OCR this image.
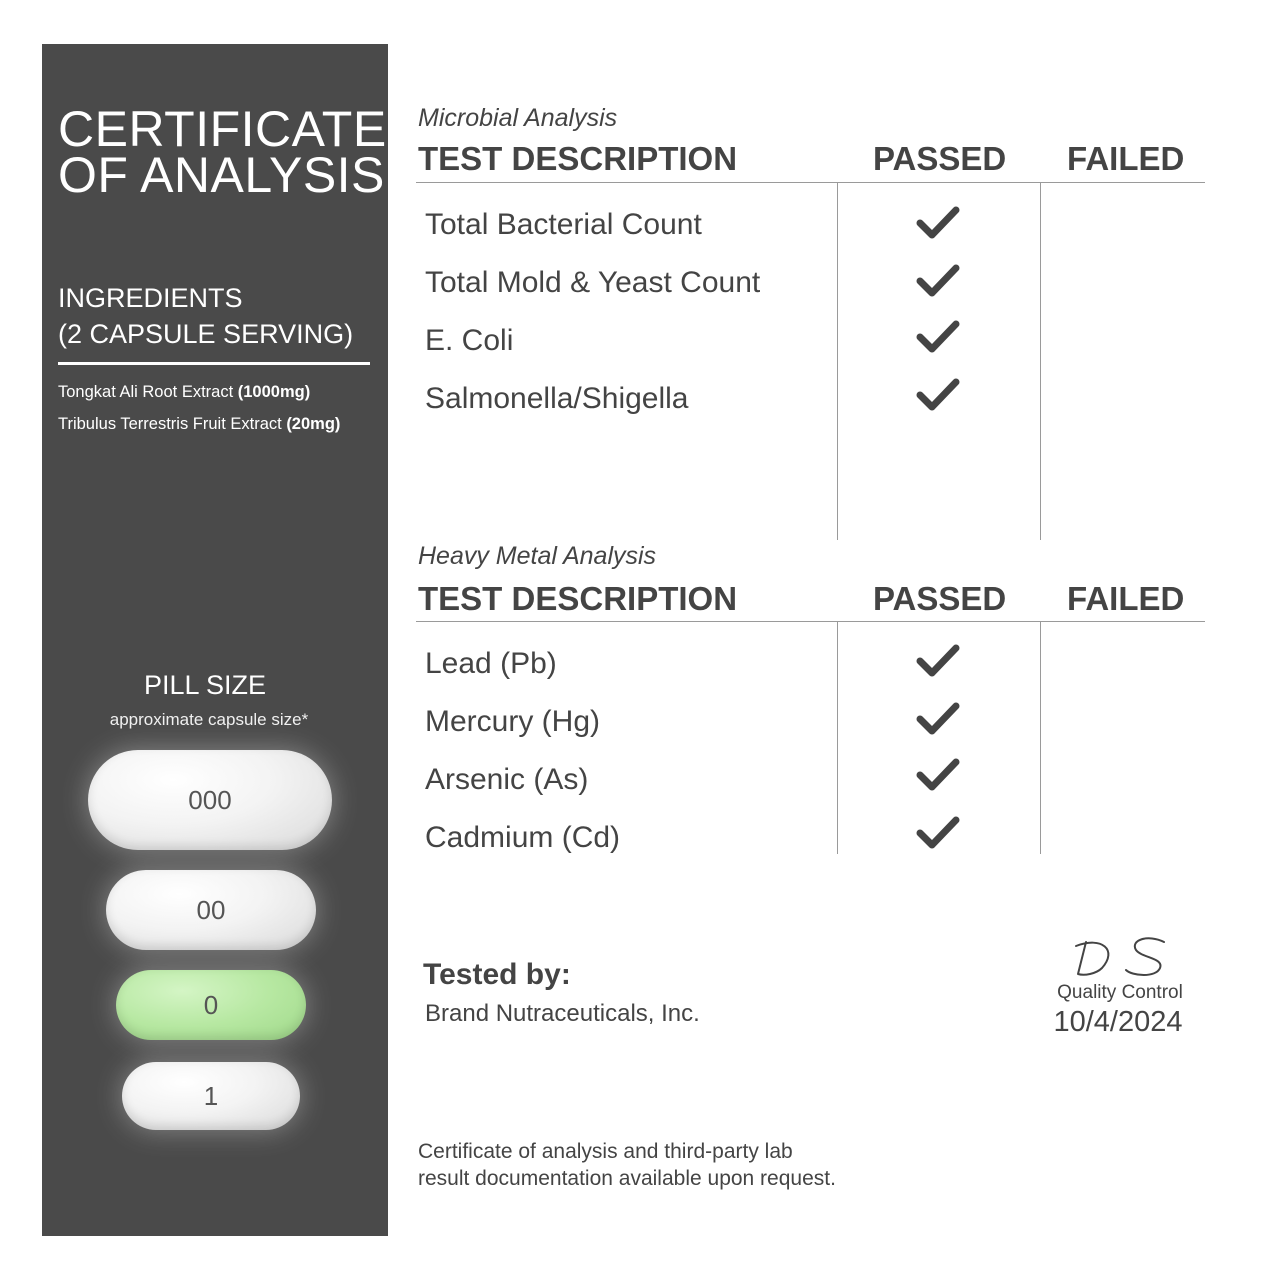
CERTIFICATE
OF ANALYSIS
INGREDIENTS
(2 CAPSULE SERVING)
Tongkat Ali Root Extract (1000mg)
Tribulus Terrestris Fruit Extract (20mg)
PILL SIZE
approximate capsule size*
000
00
0
1
Microbial Analysis
TEST DESCRIPTION	PASSED FAILED
Total Bacterial Count
Total Mold & Yeast Count
E. Coli
Salmonella/Shigella
Heavy Metal Analysis
TEST DESCRIPTION	PASSED FAILED
Lead (Pb)
Mercury (Hg)
Arsenic (As)
Cadmium (Cd)
Tested by:
Brand Nutraceuticals, Inc.
Quality Control
10/4/2024
Certificate of analysis and third-party lab
result documentation available upon request.
